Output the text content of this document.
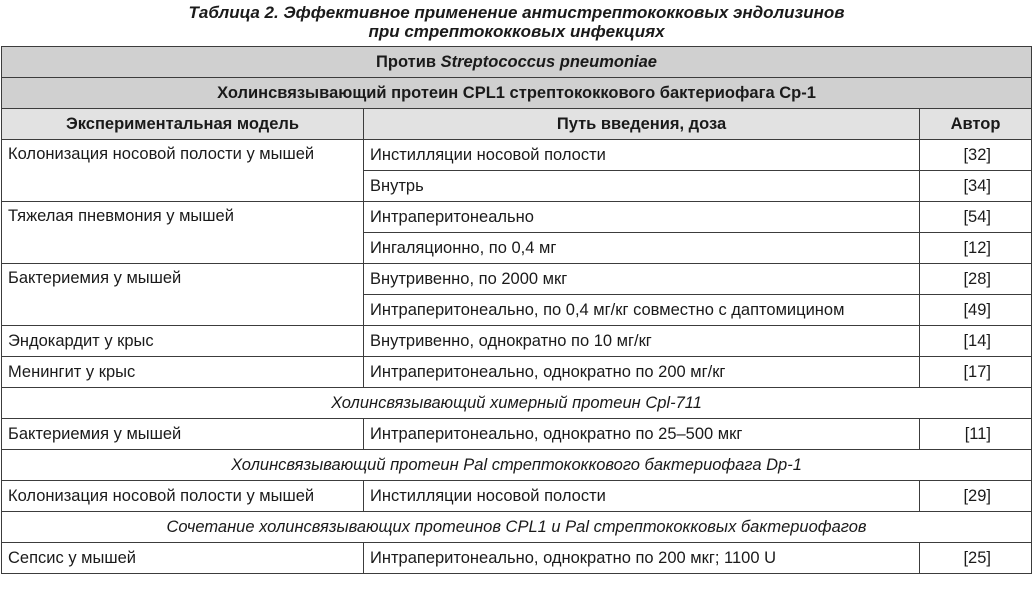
Таблица 2. Эффективное применение антистрептококковых эндолизинов
при стрептококковых инфекциях
Против Streptococcus pneumoniae		
Холинсвязывающий протеин CPL1 стрептококкового бактериофага Cp-1		
Экспериментальная модель	Путь введения, доза	Автор
Колонизация носовой полости у мышей	Инстилляции носовой полости	[32]
	Внутрь	[34]
Тяжелая пневмония у мышей	Интраперитонеально	[54]
	Ингаляционно, по 0,4 мг	[12]
Бактериемия у мышей	Внутривенно, по 2000 мкг	[28]
	Интраперитонеально, по 0,4 мг/кг совместно с даптомицином	[49]
Эндокардит у крыс	Внутривенно, однократно по 10 мг/кг	[14]
Менингит у крыс	Интраперитонеально, однократно по 200 мг/кг	[17]
Холинсвязывающий химерный протеин Cpl-711		
Бактериемия у мышей	Интраперитонеально, однократно по 25–500 мкг	[11]
Холинсвязывающий протеин Pal стрептококкового бактериофага Dp-1		
Колонизация носовой полости у мышей	Инстилляции носовой полости	[29]
Сочетание холинсвязывающих протеинов CPL1 и Pal стрептококковых бактериофагов		
Сепсис у мышей	Интраперитонеально, однократно по 200 мкг; 1100 U	[25]
